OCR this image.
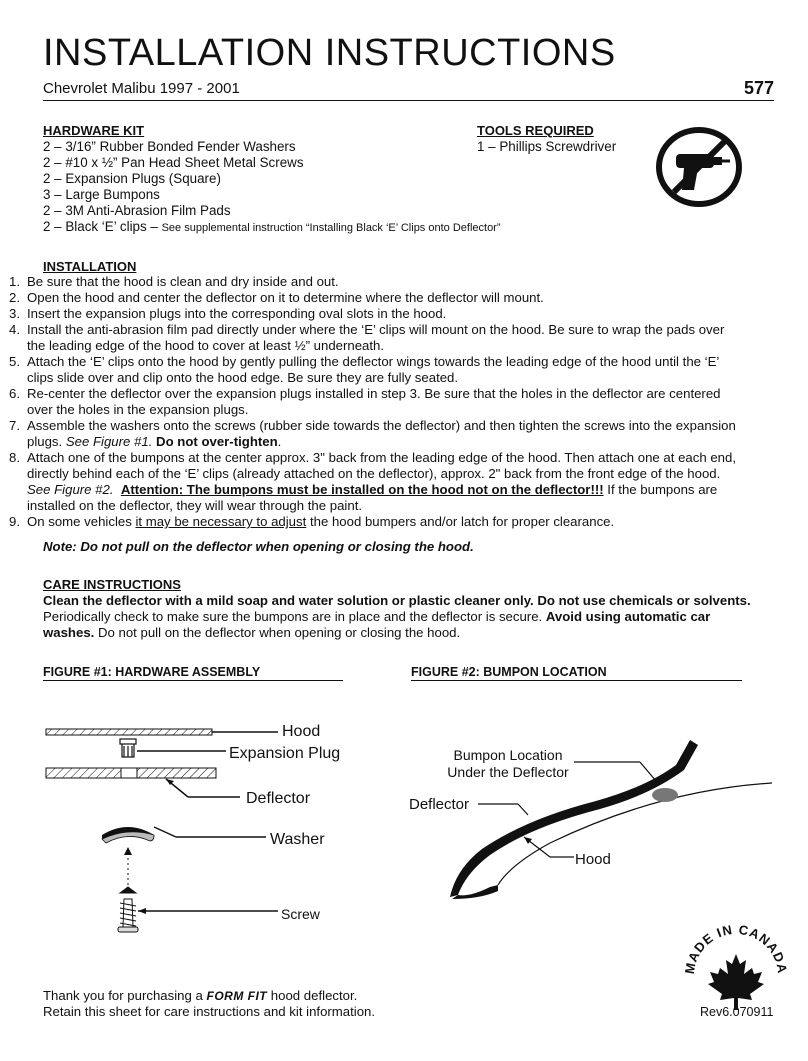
INSTALLATION INSTRUCTIONS
Chevrolet Malibu 1997 - 2001	577
HARDWARE KIT
2 – 3/16” Rubber Bonded Fender Washers
2 – #10 x ½” Pan Head Sheet Metal Screws
2 – Expansion Plugs (Square)
3 – Large Bumpons
2 – 3M Anti-Abrasion Film Pads
2 – Black ‘E’ clips – See supplemental instruction “Installing Black ‘E’ Clips onto Deflector”
TOOLS REQUIRED
1 – Phillips Screwdriver
INSTALLATION
1. Be sure that the hood is clean and dry inside and out.
2. Open the hood and center the deflector on it to determine where the deflector will mount.
3. Insert the expansion plugs into the corresponding oval slots in the hood.
4. Install the anti-abrasion film pad directly under where the ‘E’ clips will mount on the hood. Be sure to wrap the pads over
the leading edge of the hood to cover at least ½” underneath.
5. Attach the ‘E’ clips onto the hood by gently pulling the deflector wings towards the leading edge of the hood until the ‘E’
clips slide over and clip onto the hood edge. Be sure they are fully seated.
6. Re-center the deflector over the expansion plugs installed in step 3. Be sure that the holes in the deflector are centered
over the holes in the expansion plugs.
7. Assemble the washers onto the screws (rubber side towards the deflector) and then tighten the screws into the expansion
plugs. See Figure #1. Do not over-tighten.
8. Attach one of the bumpons at the center approx. 3" back from the leading edge of the hood. Then attach one at each end,
directly behind each of the ‘E’ clips (already attached on the deflector), approx. 2" back from the front edge of the hood.
See Figure #2. Attention: The bumpons must be installed on the hood not on the deflector!!! If the bumpons are
installed on the deflector, they will wear through the paint.
9. On some vehicles it may be necessary to adjust the hood bumpers and/or latch for proper clearance.
Note: Do not pull on the deflector when opening or closing the hood.
CARE INSTRUCTIONS
Clean the deflector with a mild soap and water solution or plastic cleaner only. Do not use chemicals or solvents.
Periodically check to make sure the bumpons are in place and the deflector is secure. Avoid using automatic car
washes. Do not pull on the deflector when opening or closing the hood.
FIGURE #1: HARDWARE ASSEMBLY	FIGURE #2: BUMPON LOCATION
Hood
Expansion Plug
Deflector
Washer
Screw
Bumpon Location
Under the Deflector
Deflector
Hood
MADE IN CANADA
Thank you for purchasing a FORM FIT hood deflector.
Retain this sheet for care instructions and kit information.	Rev6.070911
